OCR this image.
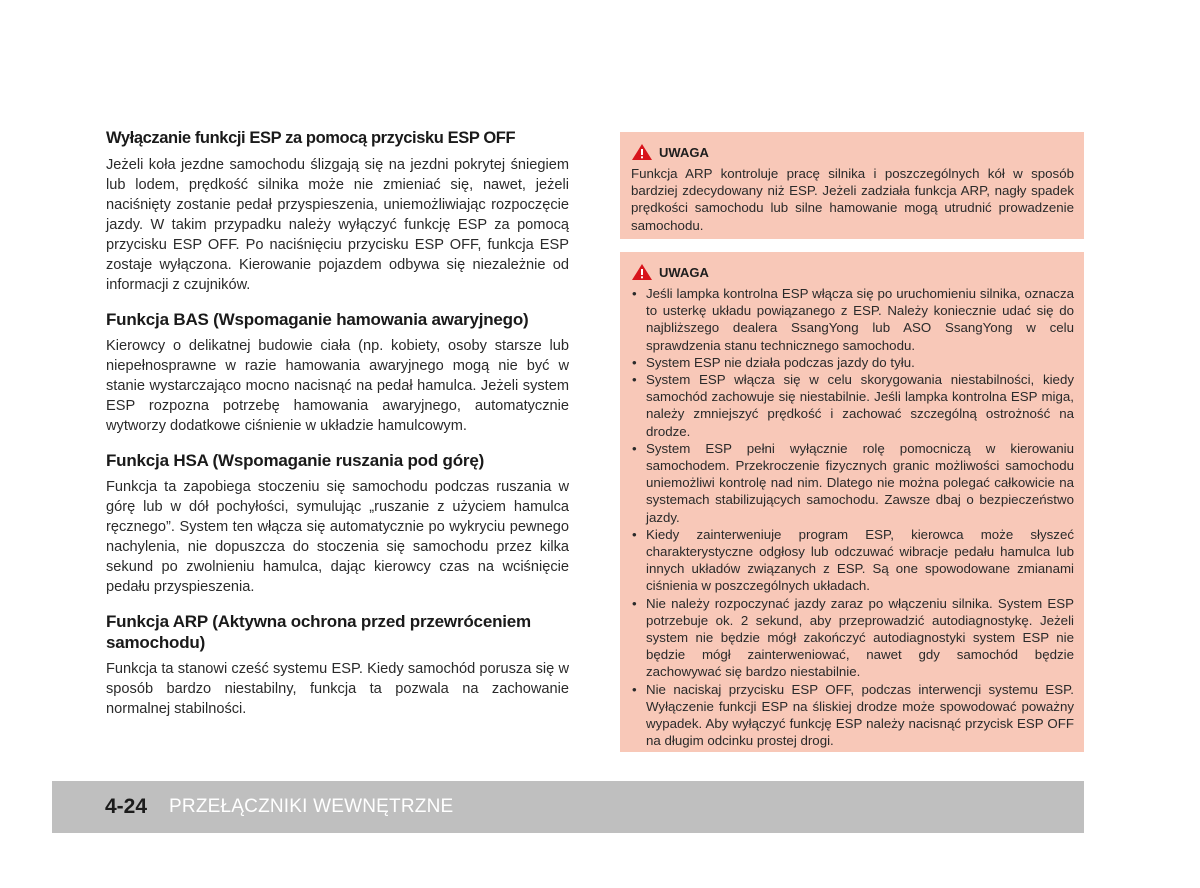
Wyłączanie funkcji ESP za pomocą przycisku ESP OFF

Jeżeli koła jezdne samochodu ślizgają się na jezdni pokrytej śniegiem lub lodem, prędkość silnika może nie zmieniać się, nawet, jeżeli naciśnięty zostanie pedał przyspieszenia, uniemożliwiając rozpoczęcie jazdy. W takim przypadku należy wyłączyć funkcję ESP za pomocą przycisku ESP OFF. Po naciśnięciu przycisku ESP OFF, funkcja ESP zostaje wyłączona. Kierowanie pojazdem odbywa się niezależnie od informacji z czujników.

Funkcja BAS (Wspomaganie hamowania awaryjnego)

Kierowcy o delikatnej budowie ciała (np. kobiety, osoby starsze lub niepełnosprawne w razie hamowania awaryjnego mogą nie być w stanie wystarczająco mocno nacisnąć na pedał hamulca. Jeżeli system ESP rozpozna potrzebę hamowania awaryjnego, automatycznie wytworzy dodatkowe ciśnienie w układzie hamulcowym.

Funkcja HSA (Wspomaganie ruszania pod górę)

Funkcja ta zapobiega stoczeniu się samochodu podczas ruszania w górę lub w dół pochyłości, symulując „ruszanie z użyciem hamulca ręcznego”. System ten włącza się automatycznie po wykryciu pewnego nachylenia, nie dopuszcza do stoczenia się samochodu przez kilka sekund po zwolnieniu hamulca, dając kierowcy czas na wciśnięcie pedału przyspieszenia.

Funkcja ARP (Aktywna ochrona przed przewróceniem samochodu)

Funkcja ta stanowi cześć systemu ESP. Kiedy samochód porusza się w sposób bardzo niestabilny, funkcja ta pozwala na zachowanie normalnej stabilności.

UWAGA
Funkcja ARP kontroluje pracę silnika i poszczególnych kół w sposób bardziej zdecydowany niż ESP. Jeżeli zadziała funkcja ARP, nagły spadek prędkości samochodu lub silne hamowanie mogą utrudnić prowadzenie samochodu.
UWAGA
• Jeśli lampka kontrolna ESP włącza się po uruchomieniu silnika, oznacza to usterkę układu powiązanego z ESP. Należy koniecznie udać się do najbliższego dealera SsangYong lub ASO SsangYong w celu sprawdzenia stanu technicznego samochodu.
• System ESP nie działa podczas jazdy do tyłu.
• System ESP włącza się w celu skorygowania niestabilności, kiedy samochód zachowuje się niestabilnie. Jeśli lampka kontrolna ESP miga, należy zmniejszyć prędkość i zachować szczególną ostrożność na drodze.
• System ESP pełni wyłącznie rolę pomocniczą w kierowaniu samochodem. Przekroczenie fizycznych granic możliwości samochodu uniemożliwi kontrolę nad nim. Dlatego nie można polegać całkowicie na systemach stabilizujących samochodu. Zawsze dbaj o bezpieczeństwo jazdy.
• Kiedy zainterweniuje program ESP, kierowca może słyszeć charakterystyczne odgłosy lub odczuwać wibracje pedału hamulca lub innych układów związanych z ESP. Są one spowodowane zmianami ciśnienia w poszczególnych układach.
• Nie należy rozpoczynać jazdy zaraz po włączeniu silnika. System ESP potrzebuje ok. 2 sekund, aby przeprowadzić autodiagnostykę. Jeżeli system nie będzie mógł zakończyć autodiagnostyki system ESP nie będzie mógł zainterweniować, nawet gdy samochód będzie zachowywać się bardzo niestabilnie.
• Nie naciskaj przycisku ESP OFF, podczas interwencji systemu ESP. Wyłączenie funkcji ESP na śliskiej drodze może spowodować poważny wypadek. Aby wyłączyć funkcję ESP należy nacisnąć przycisk ESP OFF na długim odcinku prostej drogi.
4-24 PRZEŁĄCZNIKI WEWNĘTRZNE
